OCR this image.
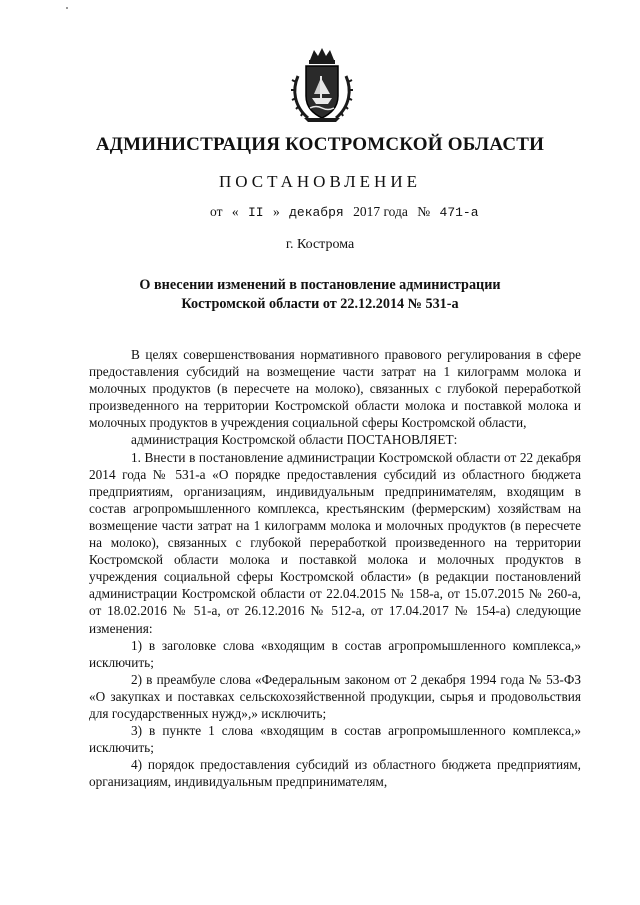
АДМИНИСТРАЦИЯ КОСТРОМСКОЙ ОБЛАСТИ
ПОСТАНОВЛЕНИЕ
от « II » декабря 2017 года № 471-а
г. Кострома
О внесении изменений в постановление администрации
Костромской области от 22.12.2014 № 531-а

В целях совершенствования нормативного правового регулирования в сфере предоставления субсидий на возмещение части затрат на 1 килограмм молока и молочных продуктов (в пересчете на молоко), связанных с глубокой переработкой произведенного на территории Костромской области молока и поставкой молока и молочных продуктов в учреждения социальной сферы Костромской области,

администрация Костромской области ПОСТАНОВЛЯЕТ:

1. Внести в постановление администрации Костромской области от 22 декабря 2014 года № 531-а «О порядке предоставления субсидий из областного бюджета предприятиям, организациям, индивидуальным предпринимателям, входящим в состав агропромышленного комплекса, крестьянским (фермерским) хозяйствам на возмещение части затрат на 1 килограмм молока и молочных продуктов (в пересчете на молоко), связанных с глубокой переработкой произведенного на территории Костромской области молока и поставкой молока и молочных продуктов в учреждения социальной сферы Костромской области» (в редакции постановлений администрации Костромской области от 22.04.2015 № 158-а, от 15.07.2015 № 260-а, от 18.02.2016 № 51-а, от 26.12.2016 № 512-а, от 17.04.2017 № 154-а) следующие изменения:

1) в заголовке слова «входящим в состав агропромышленного комплекса,» исключить;

2) в преамбуле слова «Федеральным законом от 2 декабря 1994 года № 53-ФЗ «О закупках и поставках сельскохозяйственной продукции, сырья и продовольствия для государственных нужд»,» исключить;

3) в пункте 1 слова «входящим в состав агропромышленного комплекса,» исключить;

4) порядок предоставления субсидий из областного бюджета предприятиям, организациям, индивидуальным предпринимателям,
